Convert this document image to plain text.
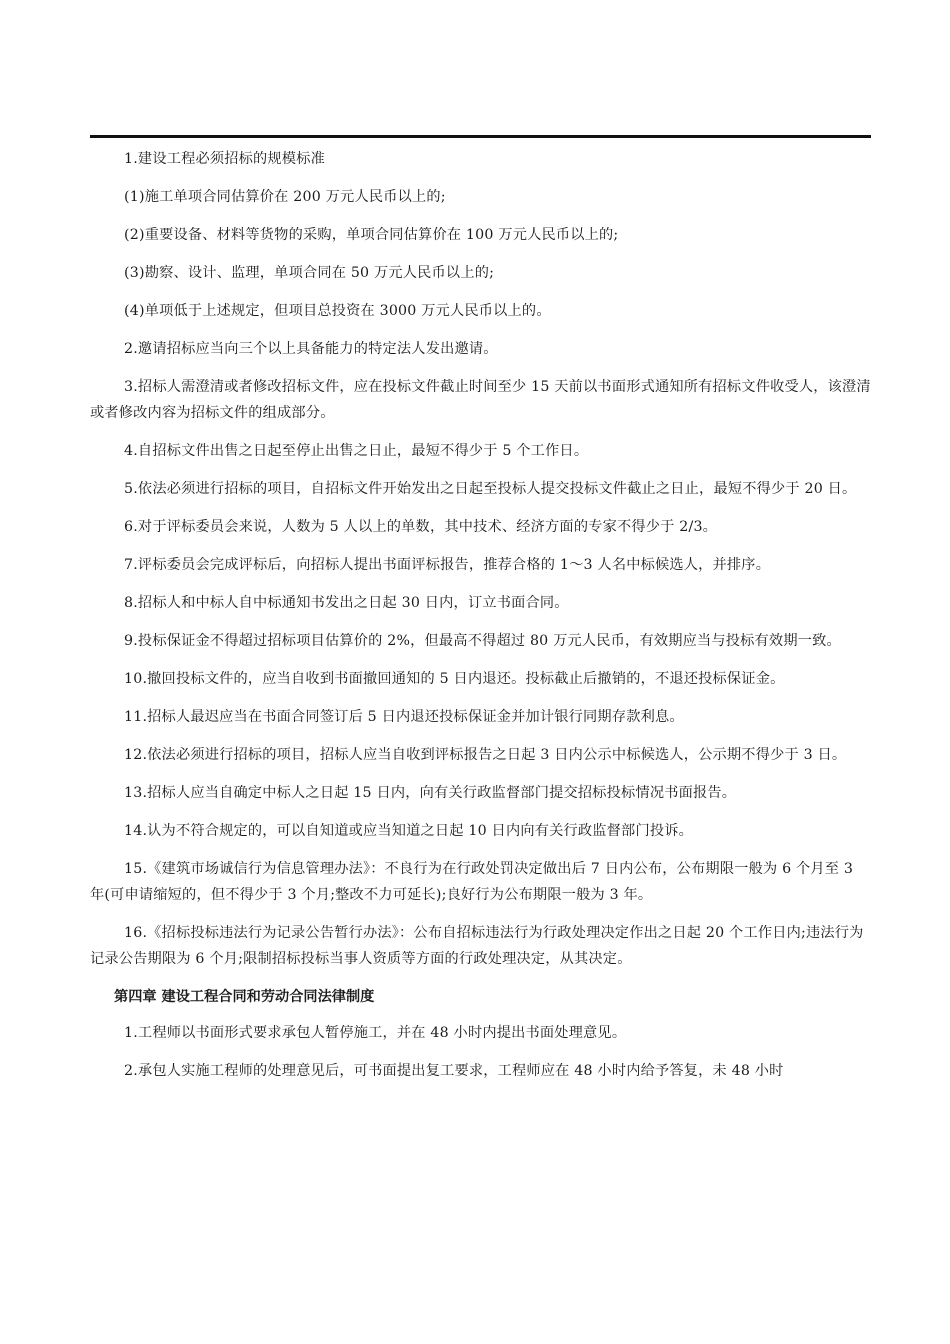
1.建设工程必须招标的规模标准

(1)施工单项合同估算价在 200 万元人民币以上的;

(2)重要设备、材料等货物的采购，单项合同估算价在 100 万元人民币以上的;

(3)勘察、设计、监理，单项合同在 50 万元人民币以上的;

(4)单项低于上述规定，但项目总投资在 3000 万元人民币以上的。

2.邀请招标应当向三个以上具备能力的特定法人发出邀请。

3.招标人需澄清或者修改招标文件，应在投标文件截止时间至少 15 天前以书面形式通知所有招标文件收受人，该澄清或者修改内容为招标文件的组成部分。

4.自招标文件出售之日起至停止出售之日止，最短不得少于 5 个工作日。

5.依法必须进行招标的项目，自招标文件开始发出之日起至投标人提交投标文件截止之日止，最短不得少于 20 日。

6.对于评标委员会来说，人数为 5 人以上的单数，其中技术、经济方面的专家不得少于 2/3。

7.评标委员会完成评标后，向招标人提出书面评标报告，推荐合格的 1～3 人名中标候选人，并排序。

8.招标人和中标人自中标通知书发出之日起 30 日内，订立书面合同。

9.投标保证金不得超过招标项目估算价的 2%，但最高不得超过 80 万元人民币，有效期应当与投标有效期一致。

10.撤回投标文件的，应当自收到书面撤回通知的 5 日内退还。投标截止后撤销的，不退还投标保证金。

11.招标人最迟应当在书面合同签订后 5 日内退还投标保证金并加计银行同期存款利息。

12.依法必须进行招标的项目，招标人应当自收到评标报告之日起 3 日内公示中标候选人，公示期不得少于 3 日。

13.招标人应当自确定中标人之日起 15 日内，向有关行政监督部门提交招标投标情况书面报告。

14.认为不符合规定的，可以自知道或应当知道之日起 10 日内向有关行政监督部门投诉。

15.《建筑市场诚信行为信息管理办法》：不良行为在行政处罚决定做出后 7 日内公布，公布期限一般为 6 个月至 3 年(可申请缩短的，但不得少于 3 个月;整改不力可延长);良好行为公布期限一般为 3 年。

16.《招标投标违法行为记录公告暂行办法》：公布自招标违法行为行政处理决定作出之日起 20 个工作日内;违法行为记录公告期限为 6 个月;限制招标投标当事人资质等方面的行政处理决定，从其决定。

第四章 建设工程合同和劳动合同法律制度

1.工程师以书面形式要求承包人暂停施工，并在 48 小时内提出书面处理意见。

2.承包人实施工程师的处理意见后，可书面提出复工要求，工程师应在 48 小时内给予答复，未 48 小时
